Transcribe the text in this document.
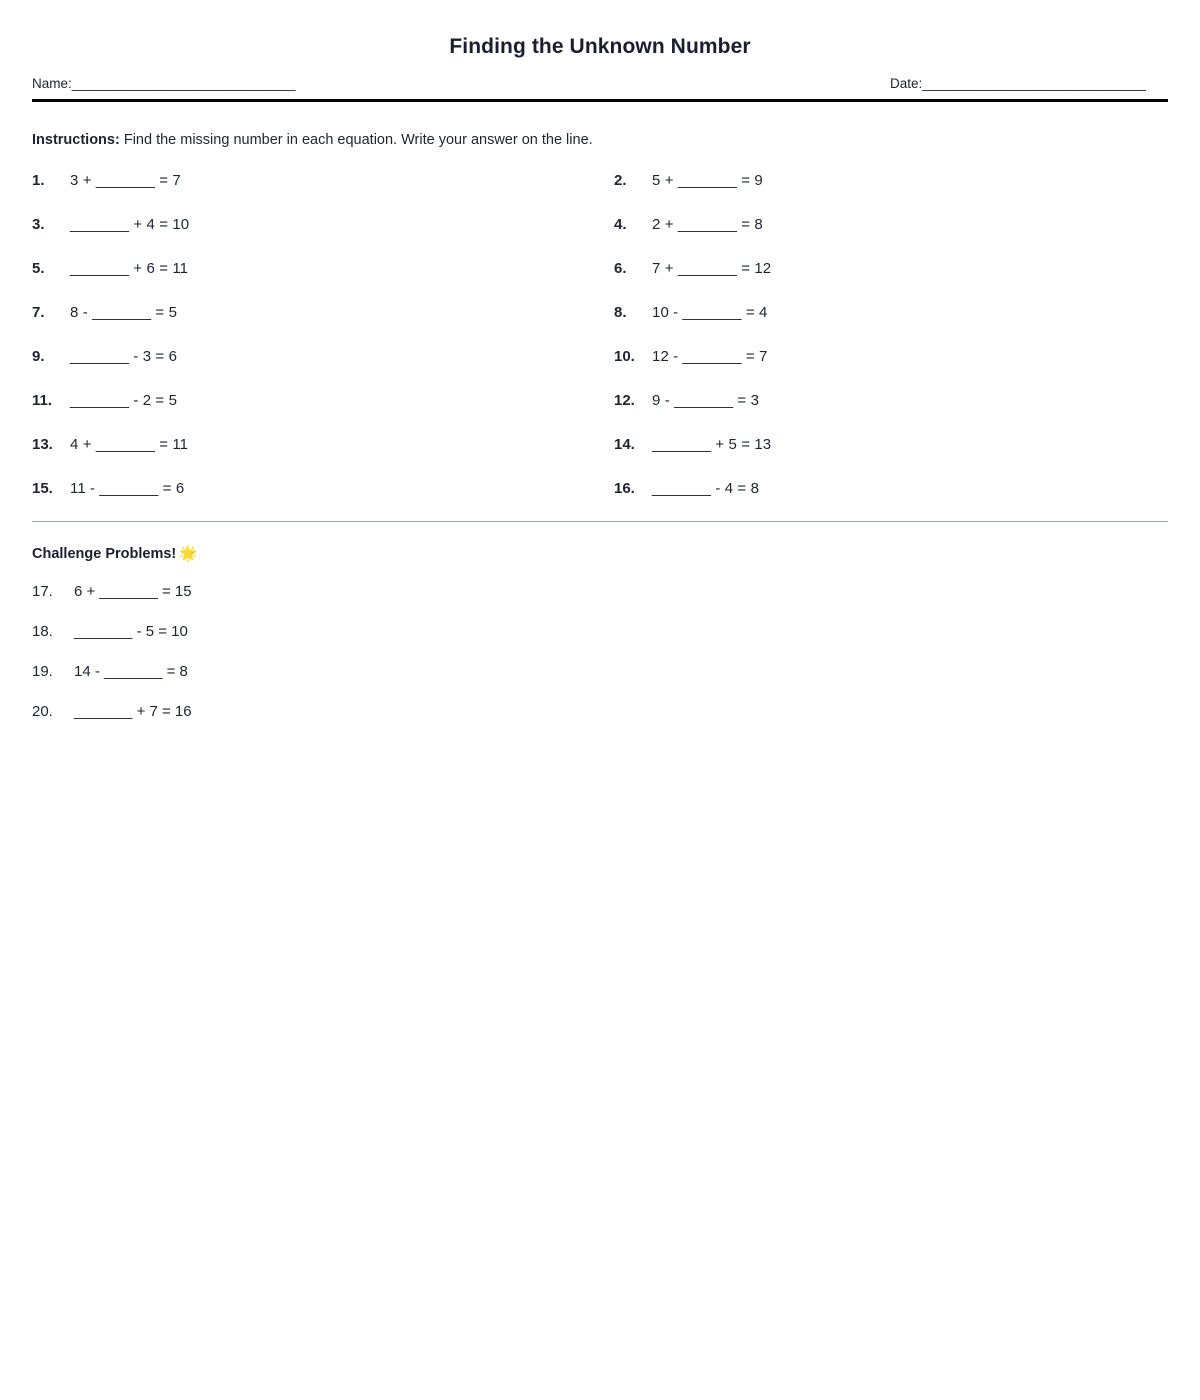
Finding the Unknown Number
Name:_______________________________	Date:_______________________________
Instructions: Find the missing number in each equation. Write your answer on the line.
1.	3 + _______ = 7
3.	_______ + 4 = 10
5.	_______ + 6 = 11
7.	8 - _______ = 5
9.	_______ - 3 = 6
11.	_______ - 2 = 5
13.	4 + _______ = 11
15.	11 - _______ = 6
2.	5 + _______ = 9
4.	2 + _______ = 8
6.	7 + _______ = 12
8.	10 - _______ = 4
10.	12 - _______ = 7
12.	9 - _______ = 3
14.	_______ + 5 = 13
16.	_______ - 4 = 8
Challenge Problems! 🌟
17.	6 + _______ = 15
18.	_______ - 5 = 10
19.	14 - _______ = 8
20.	_______ + 7 = 16
